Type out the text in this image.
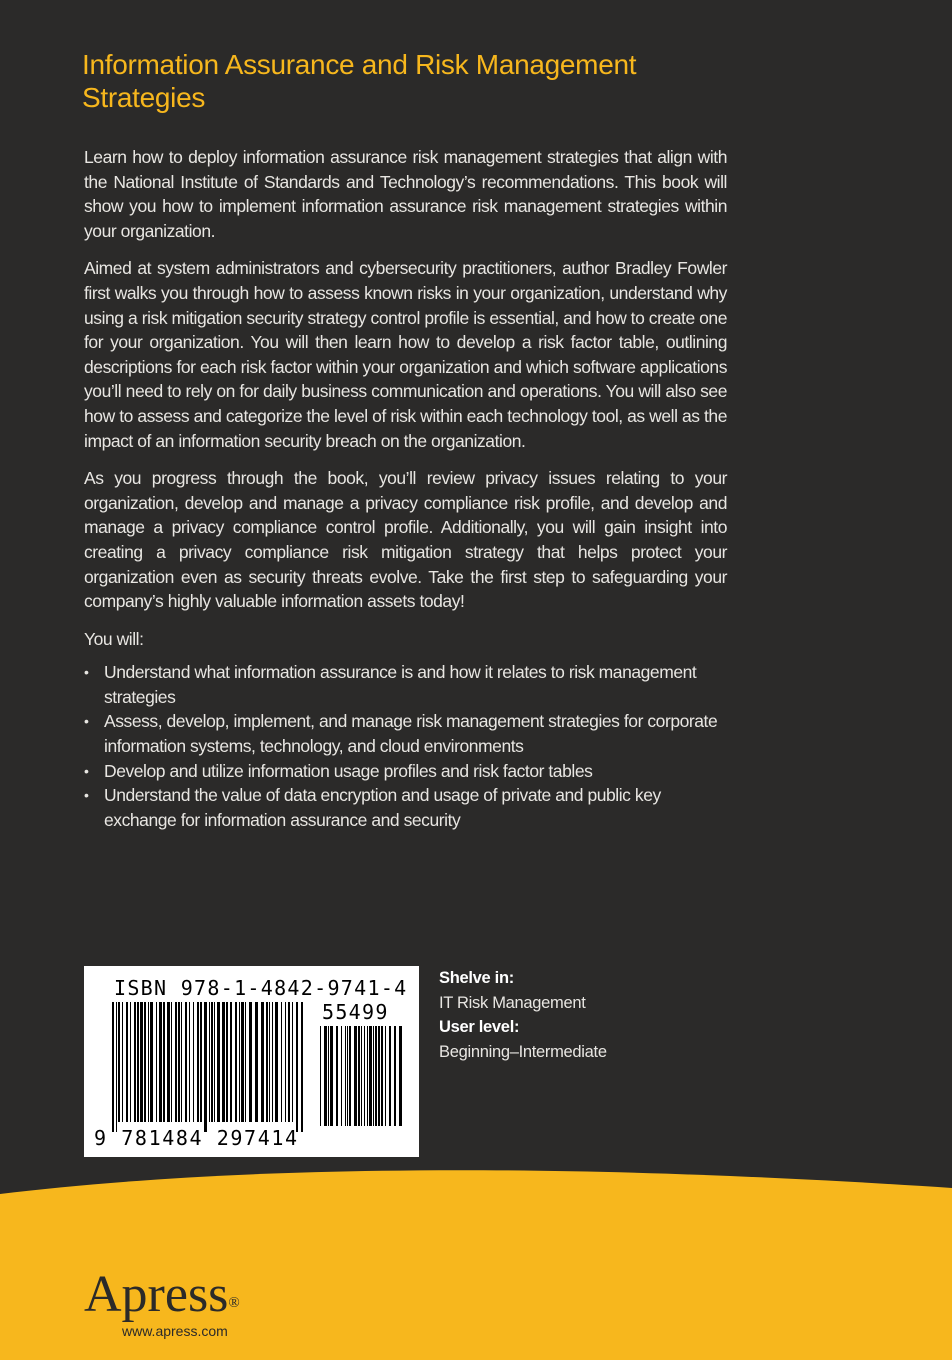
Information Assurance and Risk Management
Strategies

Learn how to deploy information assurance risk management strategies that align with the National Institute of Standards and Technology’s recommendations. This book will show you how to implement information assurance risk management strategies within your organization.

Aimed at system administrators and cybersecurity practitioners, author Bradley Fowler first walks you through how to assess known risks in your organization, understand why using a risk mitigation security strategy control profile is essential, and how to create one for your organization. You will then learn how to develop a risk factor table, outlining descriptions for each risk factor within your organization and which software applications you’ll need to rely on for daily business communication and operations. You will also see how to assess and categorize the level of risk within each technology tool, as well as the impact of an information security breach on the organization.

As you progress through the book, you’ll review privacy issues relating to your organization, develop and manage a privacy compliance risk profile, and develop and manage a privacy compliance control profile. Additionally, you will gain insight into creating a privacy compliance risk mitigation strategy that helps protect your organization even as security threats evolve. Take the first step to safeguarding your company’s highly valuable information assets today!

You will:

• Understand what information assurance is and how it relates to risk management strategies
• Assess, develop, implement, and manage risk management strategies for corporate information systems, technology, and cloud environments
• Develop and utilize information usage profiles and risk factor tables
• Understand the value of data encryption and usage of private and public key exchange for information assurance and security
ISBN 978-1-4842-9741-4
55499
9 781484 297414
Shelve in:
IT Risk Management
User level:
Beginning–Intermediate
Apress®
www.apress.com
